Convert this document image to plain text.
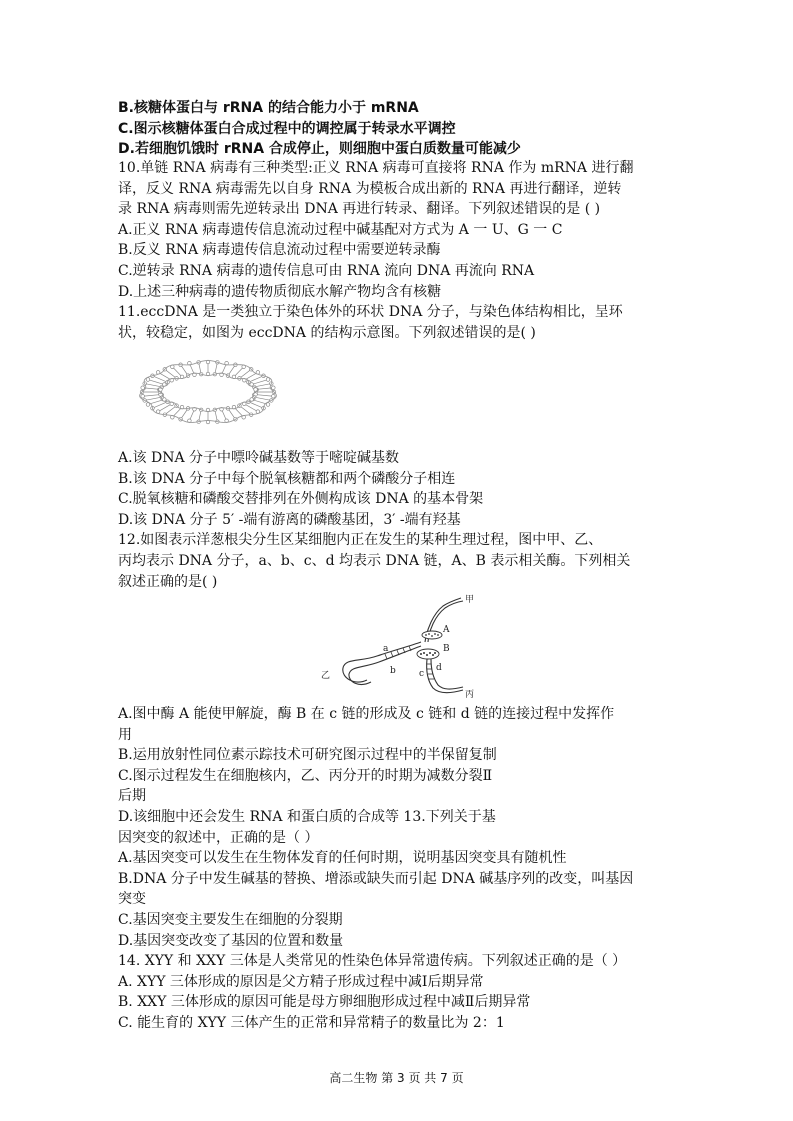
B.核糖体蛋白与 rRNA 的结合能力小于 mRNA
C.图示核糖体蛋白合成过程中的调控属于转录水平调控
D.若细胞饥饿时 rRNA 合成停止，则细胞中蛋白质数量可能减少
10.单链 RNA 病毒有三种类型:正义 RNA 病毒可直接将 RNA 作为 mRNA 进行翻
译，反义 RNA 病毒需先以自身 RNA 为模板合成出新的 RNA 再进行翻译，逆转
录 RNA 病毒则需先逆转录出 DNA 再进行转录、翻译。下列叙述错误的是 ( )
A.正义 RNA 病毒遗传信息流动过程中碱基配对方式为 A 一 U、G 一 C
B.反义 RNA 病毒遗传信息流动过程中需要逆转录酶
C.逆转录 RNA 病毒的遗传信息可由 RNA 流向 DNA 再流向 RNA
D.上述三种病毒的遗传物质彻底水解产物均含有核糖
11.eccDNA 是一类独立于染色体外的环状 DNA 分子，与染色体结构相比，呈环
状，较稳定，如图为 eccDNA 的结构示意图。下列叙述错误的是( )
A.该 DNA 分子中嘌呤碱基数等于嘧啶碱基数
B.该 DNA 分子中每个脱氧核糖都和两个磷酸分子相连
C.脱氧核糖和磷酸交替排列在外侧构成该 DNA 的基本骨架
D.该 DNA 分子 5′ -端有游离的磷酸基团，3′ -端有羟基
12.如图表示洋葱根尖分生区某细胞内正在发生的某种生理过程，图中甲、乙、
丙均表示 DNA 分子，a、b、c、d 均表示 DNA 链，A、B 表示相关酶。下列相关
叙述正确的是( )
甲
A
B
a
b
乙	c
d
丙
A.图中酶 A 能使甲解旋，酶 B 在 c 链的形成及 c 链和 d 链的连接过程中发挥作
用
B.运用放射性同位素示踪技术可研究图示过程中的半保留复制
C.图示过程发生在细胞核内，乙、丙分开的时期为减数分裂Ⅱ
后期
D.该细胞中还会发生 RNA 和蛋白质的合成等 13.下列关于基
因突变的叙述中，正确的是（ ）
A.基因突变可以发生在生物体发育的任何时期，说明基因突变具有随机性
B.DNA 分子中发生碱基的替换、增添或缺失而引起 DNA 碱基序列的改变，叫基因
突变
C.基因突变主要发生在细胞的分裂期
D.基因突变改变了基因的位置和数量
14. XYY 和 XXY 三体是人类常见的性染色体异常遗传病。下列叙述正确的是（ ）
A. XYY 三体形成的原因是父方精子形成过程中减Ⅰ后期异常
B. XXY 三体形成的原因可能是母方卵细胞形成过程中减Ⅱ后期异常
C. 能生育的 XYY 三体产生的正常和异常精子的数量比为 2：1
高二生物 第 3 页 共 7 页
